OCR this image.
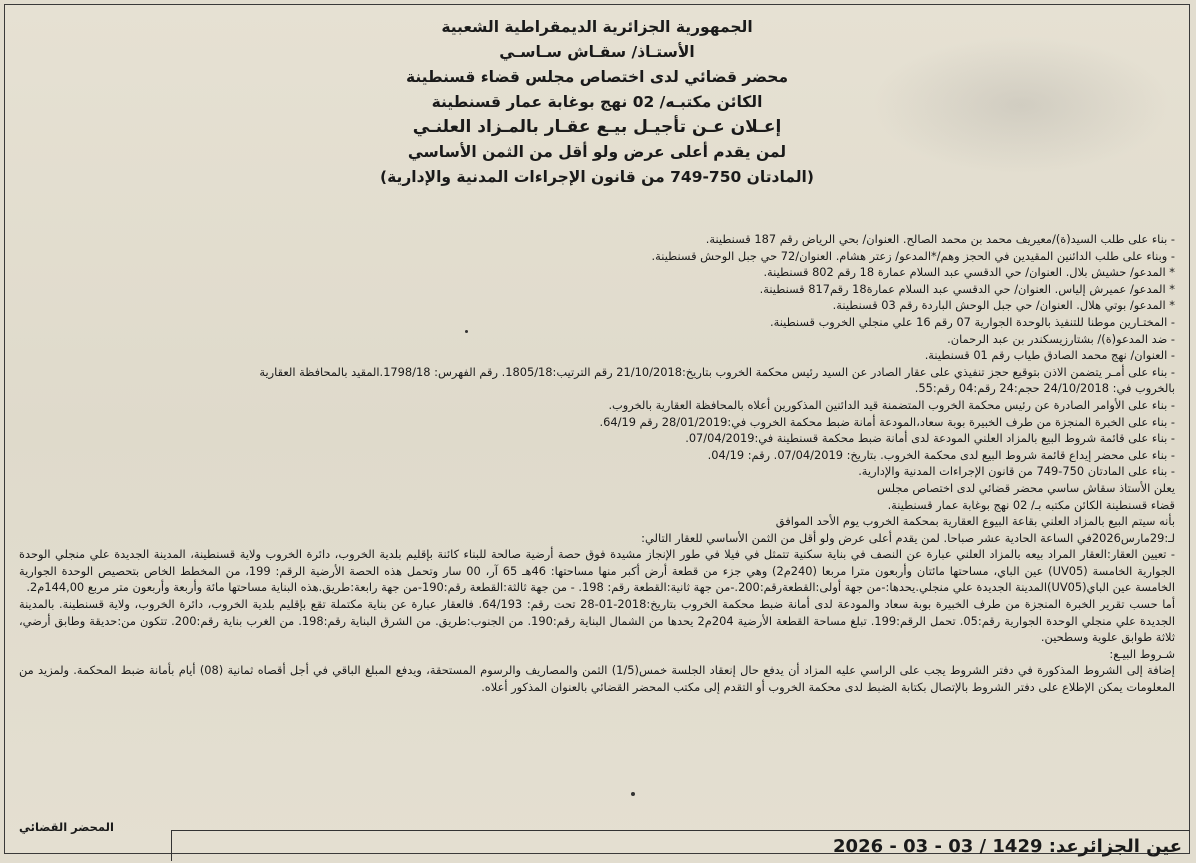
الجمهورية الجزائرية الديمقراطية الشعبية
الأستـاذ/ سقـاش سـاسـي
محضر قضائي لدى اختصاص مجلس قضاء قسنطينة
الكائن مكتبـه/ 02 نهج بوغابة عمار قسنطينة
إعـلان عـن تأجيـل بيـع عقـار بالمـزاد العلنـي
لمن يقدم أعلى عرض ولو أقل من الثمن الأساسي
(المادتان 750-749 من قانون الإجراءات المدنية والإدارية)
- بناء على طلب السيد(ة)/معيريف محمد بن محمد الصالح. العنوان/ بحي الرياض رقم 187 قسنطينة.
- وبناء على طلب الدائنين المقيدين في الحجز وهم/*المدعو/ زعتر هشام. العنوان/72 حي جبل الوحش قسنطينة.
* المدعو/ حشيش بلال. العنوان/ حي الدقسي عبد السلام عمارة 18 رقم 802 قسنطينة.
* المدعو/ عميرش إلياس. العنوان/ حي الدقسي عبد السلام عمارة18 رقم817 قسنطينة.
* المدعو/ بوتي هلال. العنوان/ حي جبل الوحش الباردة رقم 03 قسنطينة.
- المختـارين موطنا للتنفيذ بالوحدة الجوارية 07 رقم 16 علي منجلي الخروب قسنطينة.
- ضد المدعو(ة)/ بشتارزيسكندر بن عبد الرحمان.
- العنوان/ نهج محمد الصادق طياب رقم 01 قسنطينة.
- بناء على أمـر يتضمن الاذن بتوقيع حجز تنفيذي على عقار الصادر عن السيد رئيس محكمة الخروب بتاريخ:21/10/2018 رقم الترتيب:1805/18. رقم الفهرس: 1798/18.المقيد بالمحافظة العقارية
بالخروب في: 24/10/2018 حجم:24 رقم:04 رقم:55.
- بناء على الأوامر الصادرة عن رئيس محكمة الخروب المتضمنة قيد الدائنين المذكورين أعلاه بالمحافظة العقارية بالخروب.
- بناء على الخبرة المنجزة من طرف الخبيرة بوبة سعاد،المودعة أمانة ضبط محكمة الخروب في:28/01/2019 رقم 64/19.
- بناء على قائمة شروط البيع بالمزاد العلني المودعة لدى أمانة ضبط محكمة قسنطينة في:07/04/2019.
- بناء على محضر إيداع قائمة شروط البيع لدى محكمة الخروب. بتاريخ: 07/04/2019. رقم: 04/19.
- بناء على المادتان 750-749 من قانون الإجراءات المدنية والإدارية.
يعلن الأستاذ سقاش ساسي محضر قضائي لدى اختصاص مجلس
قضاء قسنطينة الكائن مكتبه بـ/ 02 نهج بوغابة عمار قسنطينة.
بأنه سيتم البيع بالمزاد العلني بقاعة البيوع العقارية بمحكمة الخروب يوم الأحد الموافق
لـ:29مارس2026في الساعة الحادية عشر صباحا. لمن يقدم أعلى عرض ولو أقل من الثمن الأساسي للعقار التالي:
- تعيين العقار:العقار المراد بيعه بالمزاد العلني عبارة عن النصف في بناية سكنية تتمثل في فيلا في طور الإنجاز مشيدة فوق حصة أرضية صالحة للبناء كائنة بإقليم بلدية الخروب، دائرة الخروب ولاية قسنطينة، المدينة الجديدة علي منجلي الوحدة الجوارية الخامسة (UV05) عين الباي، مساحتها مائتان وأربعون مترا مربعا (240م2) وهي جزء من قطعة أرض أكبر منها مساحتها: 46هـ 65 آر، 00 سار وتحمل هذه الحصة الأرضية الرقم: 199، من المخطط الخاص بتحصيص الوحدة الجوارية الخامسة عين الباي(UV05)المدينة الجديدة علي منجلي.يحدها:-من جهة أولى:القطعةرقم:200.-من جهة ثانية:القطعة رقم: 198. - من جهة ثالثة:القطعة رقم:190-من جهة رابعة:طريق.هذه البناية مساحتها مائة وأربعة وأربعون متر مربع 144,00م2.
أما حسب تقرير الخبرة المنجزة من طرف الخبيرة بوبة سعاد والمودعة لدى أمانة ضبط محكمة الخروب بتاريخ:2018-01-28 تحت رقم: 64/193. فالعقار عبارة عن بناية مكتملة تقع بإقليم بلدية الخروب، دائرة الخروب، ولاية قسنطينة. بالمدينة الجديدة علي منجلي الوحدة الجوارية رقم:05. تحمل الرقم:199. تبلغ مساحة القطعة الأرضية 204م2 يحدها من الشمال البناية رقم:190. من الجنوب:طريق. من الشرق البناية رقم:198. من الغرب بناية رقم:200. تتكون من:حديقة وطابق أرضي، ثلاثة طوابق علوية وسطحين.
شـروط البيـع:
إضافة إلى الشروط المذكورة في دفتر الشروط يجب على الراسي عليه المزاد أن يدفع حال إنعقاد الجلسة خمس(1/5) الثمن والمصاريف والرسوم المستحقة، ويدفع المبلغ الباقي في أجل أقصاه ثمانية (08) أيام بأمانة ضبط المحكمة. ولمزيد من المعلومات يمكن الإطلاع على دفتر الشروط بالإتصال بكتابة الضبط لدى محكمة الخروب أو التقدم إلى مكتب المحضر القضائي بالعنوان المذكور أعلاه.
المحضر القضائي
عين الجزائرعد: 1429 / 03 - 03 - 2026
